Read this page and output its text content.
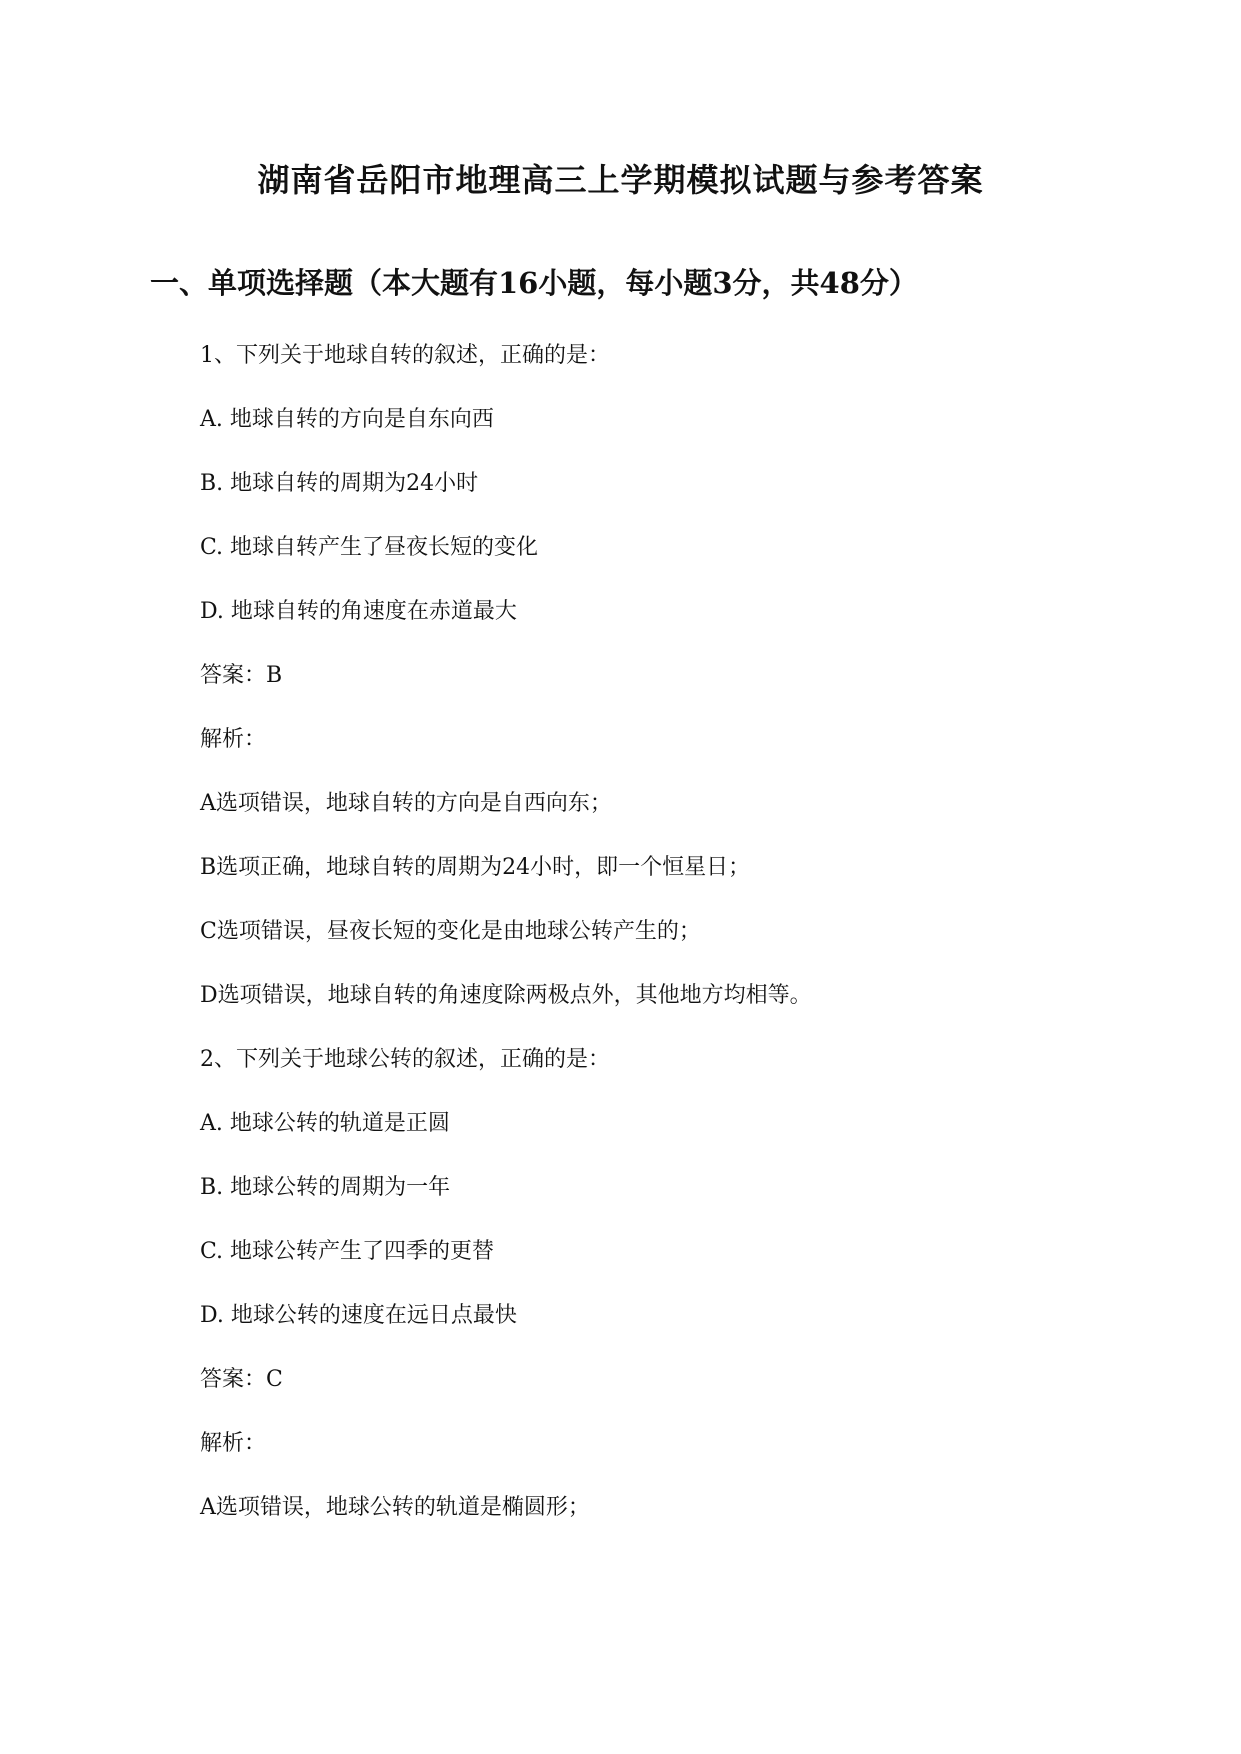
湖南省岳阳市地理高三上学期模拟试题与参考答案
一、单项选择题（本大题有16小题，每小题3分，共48分）
1、下列关于地球自转的叙述，正确的是：
A. 地球自转的方向是自东向西
B. 地球自转的周期为24小时
C. 地球自转产生了昼夜长短的变化
D. 地球自转的角速度在赤道最大
答案：B
解析：
A选项错误，地球自转的方向是自西向东；
B选项正确，地球自转的周期为24小时，即一个恒星日；
C选项错误，昼夜长短的变化是由地球公转产生的；
D选项错误，地球自转的角速度除两极点外，其他地方均相等。
2、下列关于地球公转的叙述，正确的是：
A. 地球公转的轨道是正圆
B. 地球公转的周期为一年
C. 地球公转产生了四季的更替
D. 地球公转的速度在远日点最快
答案：C
解析：
A选项错误，地球公转的轨道是椭圆形；
